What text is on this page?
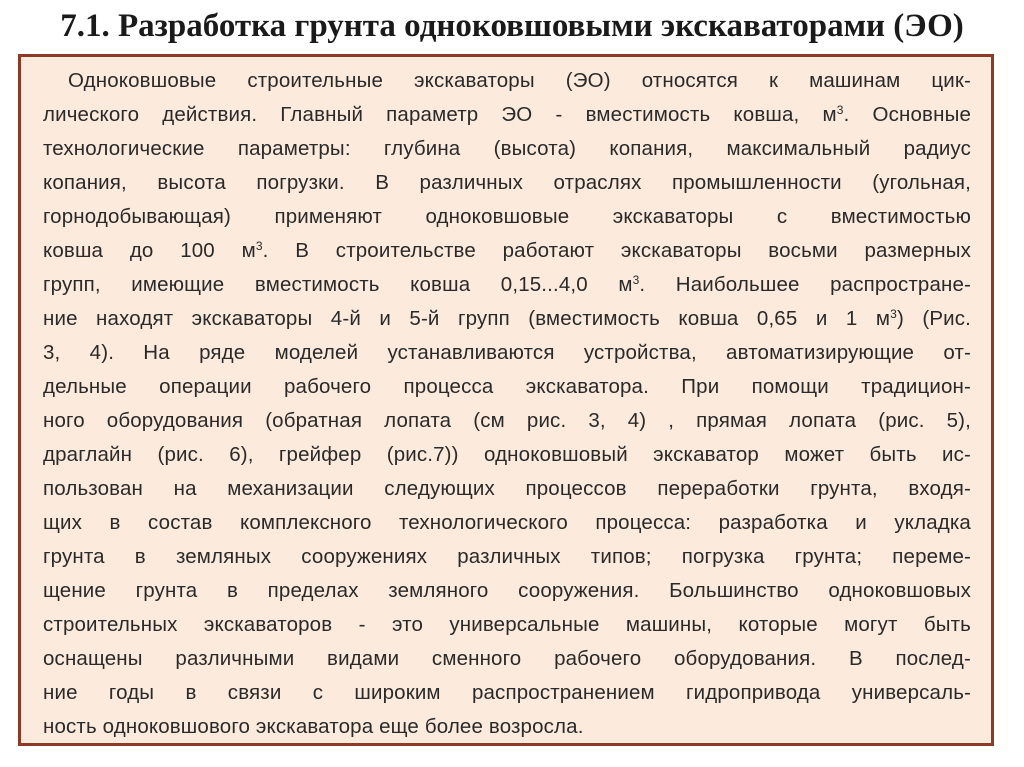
7.1. Разработка грунта одноковшовыми экскаваторами (ЭО)
Одноковшовые строительные экскаваторы (ЭО) относятся к машинам цик-
лического действия. Главный параметр ЭО - вместимость ковша, $м^3$. Основные
технологические параметры: глубина (высота) копания, максимальный радиус
копания, высота погрузки. В различных отраслях промышленности (угольная,
горнодобывающая) применяют одноковшовые экскаваторы с вместимостью
ковша до 100 $м^3$. В строительстве работают экскаваторы восьми размерных
групп, имеющие вместимость ковша 0,15...4,0 $м^3$. Наибольшее распростране-
ние находят экскаваторы 4-й и 5-й групп (вместимость ковша 0,65 и 1 $м^3$) (Рис.
3, 4). На ряде моделей устанавливаются устройства, автоматизирующие от-
дельные операции рабочего процесса экскаватора. При помощи традицион-
ного оборудования (обратная лопата (см рис. 3, 4) , прямая лопата (рис. 5),
драглайн (рис. 6), грейфер (рис.7)) одноковшовый экскаватор может быть ис-
пользован на механизации следующих процессов переработки грунта, входя-
щих в состав комплексного технологического процесса: разработка и укладка
грунта в земляных сооружениях различных типов; погрузка грунта; переме-
щение грунта в пределах земляного сооружения. Большинство одноковшовых
строительных экскаваторов - это универсальные машины, которые могут быть
оснащены различными видами сменного рабочего оборудования. В послед-
ние годы в связи с широким распространением гидропривода универсаль-
ность одноковшового экскаватора еще более возросла.
